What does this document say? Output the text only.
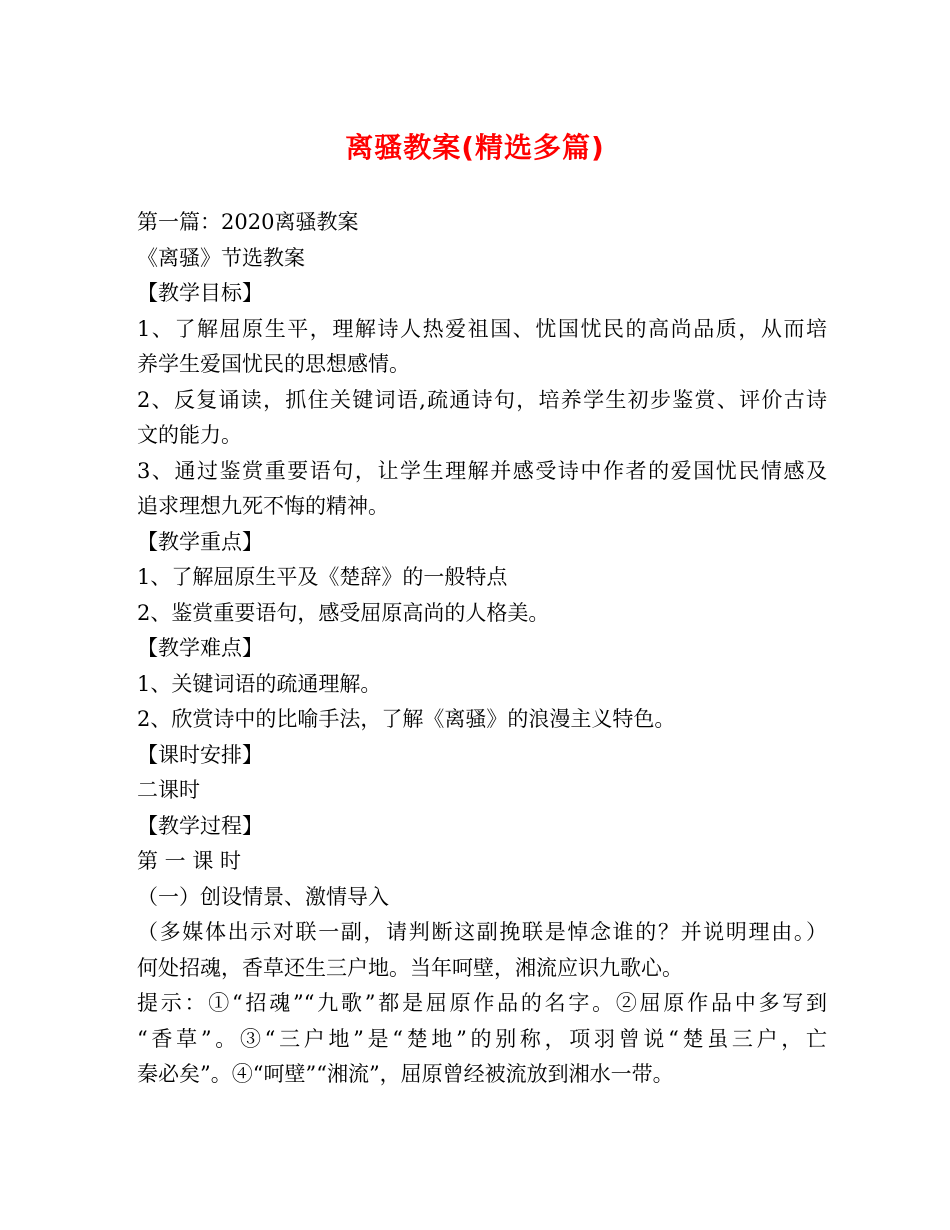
离骚教案(精选多篇)

第一篇：2020离骚教案

《离骚》节选教案

【教学目标】

1、了解屈原生平，理解诗人热爱祖国、忧国忧民的高尚品质，从而培

养学生爱国忧民的思想感情。

2、反复诵读，抓住关键词语,疏通诗句，培养学生初步鉴赏、评价古诗

文的能力。

3、通过鉴赏重要语句，让学生理解并感受诗中作者的爱国忧民情感及

追求理想九死不悔的精神。

【教学重点】

1、了解屈原生平及《楚辞》的一般特点

2、鉴赏重要语句，感受屈原高尚的人格美。

【教学难点】

1、关键词语的疏通理解。

2、欣赏诗中的比喻手法，了解《离骚》的浪漫主义特色。

【课时安排】

二课时

【教学过程】

第 一 课 时

（一）创设情景、激情导入

（多媒体出示对联一副，请判断这副挽联是悼念谁的？并说明理由。）

何处招魂，香草还生三户地。当年呵壁，湘流应识九歌心。

提示：①“招魂”“九歌”都是屈原作品的名字。②屈原作品中多写到

“香草”。③“三户地”是“楚地”的别称，项羽曾说“楚虽三户，亡

秦必矣”。④“呵壁”“湘流”，屈原曾经被流放到湘水一带。
